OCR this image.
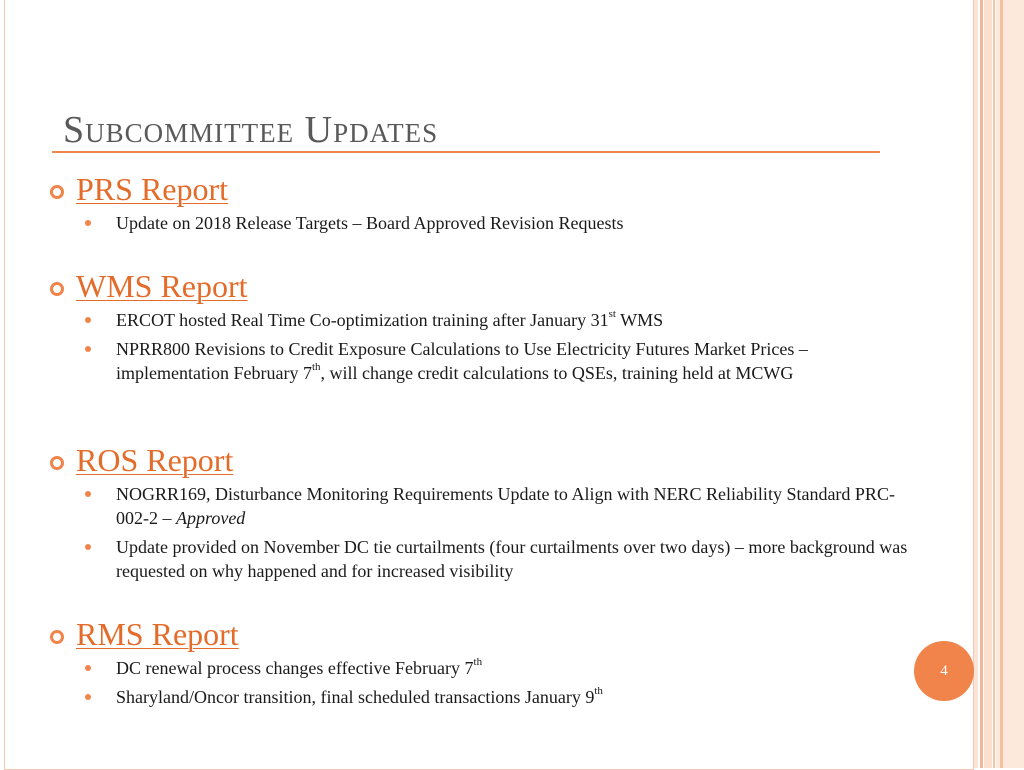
Subcommittee Updates
PRS Report
Update on 2018 Release Targets – Board Approved Revision Requests
WMS Report
ERCOT hosted Real Time Co-optimization training after January 31st WMS
NPRR800 Revisions to Credit Exposure Calculations to Use Electricity Futures Market Prices – implementation February 7th, will change credit calculations to QSEs, training held at MCWG
ROS Report
NOGRR169, Disturbance Monitoring Requirements Update to Align with NERC Reliability Standard PRC-002-2 – Approved
Update provided on November DC tie curtailments (four curtailments over two days) – more background was requested on why happened and for increased visibility
RMS Report
DC renewal process changes effective February 7th
Sharyland/Oncor transition, final scheduled transactions January 9th
4
